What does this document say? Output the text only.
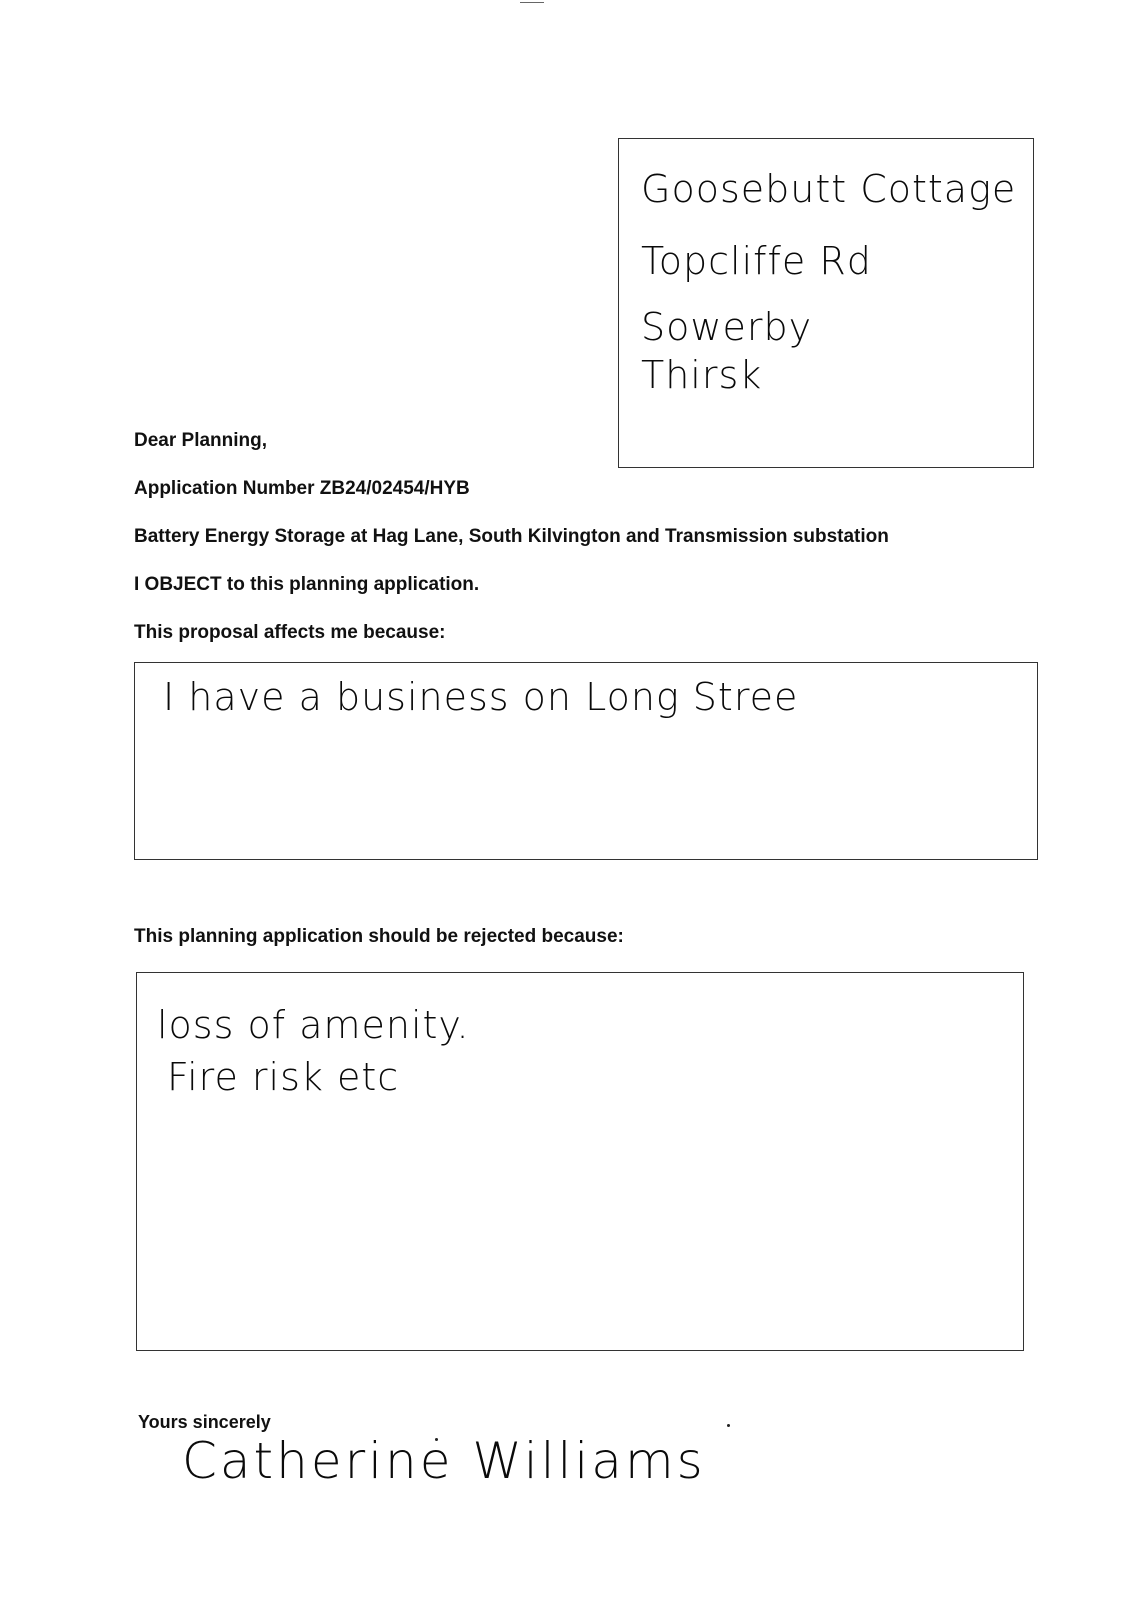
Goosebutt Cottage
Topcliffe Rd
Sowerby
Thirsk
Dear Planning,
Application Number ZB24/02454/HYB
Battery Energy Storage at Hag Lane, South Kilvington and Transmission substation
I OBJECT to this planning application.
This proposal affects me because:
I have a business on Long Stree
This planning application should be rejected because:
loss of amenity.
Fire risk etc
Yours sincerely
Catherine Williams
